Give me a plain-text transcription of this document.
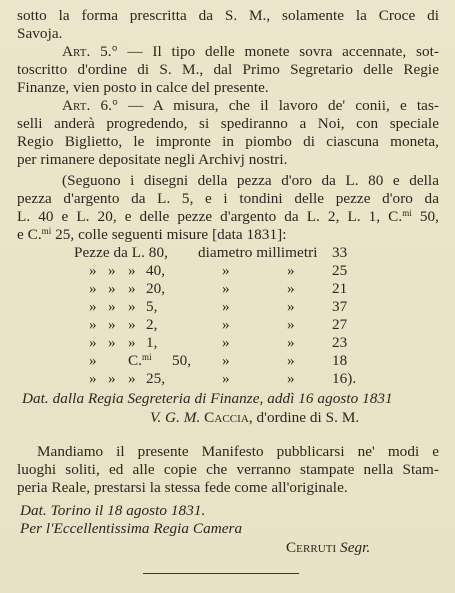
sotto la forma prescritta da S. M., solamente la Croce di
Savoja.
Art. 5.° — Il tipo delle monete sovra accennate, sot-
toscritto d'ordine di S. M., dal Primo Segretario delle Regie
Finanze, vien posto in calce del presente.
Art. 6.° — A misura, che il lavoro de' conii, e tas-
selli anderà progredendo, si spediranno a Noi, con speciale
Regio Biglietto, le impronte in piombo di ciascuna moneta,
per rimanere depositate negli Archivj nostri.
(Seguono i disegni della pezza d'oro da L. 80 e della
pezza d'argento da L. 5, e i tondini delle pezze d'oro da
L. 40 e L. 20, e delle pezze d'argento da L. 2, L. 1, C.$^{mi}$ 50,
e C.$^{mi}$ 25, colle seguenti misure [data 1831]:
Pezze da L. 80, diametro millimetri 33
» » » 40,	»	» 25
» » » 20,	»	» 21
» » » 5,	»	» 37
» » » 2,	»	» 27
» » » 1,	»	» 23
» C.$^{mi}$ 50, »	» 18
» » » 25,	»	» 16).
Dat. dalla Regia Segreteria di Finanze, addì 16 agosto 1831
V. G. M. Caccia, d'ordine di S. M.
Mandiamo il presente Manifesto pubblicarsi ne' modi e
luoghi soliti, ed alle copie che verranno stampate nella Stam-
peria Reale, prestarsi la stessa fede come all'originale.
Dat. Torino il 18 agosto 1831.
Per l'Eccellentissima Regia Camera
Cerruti Segr.
